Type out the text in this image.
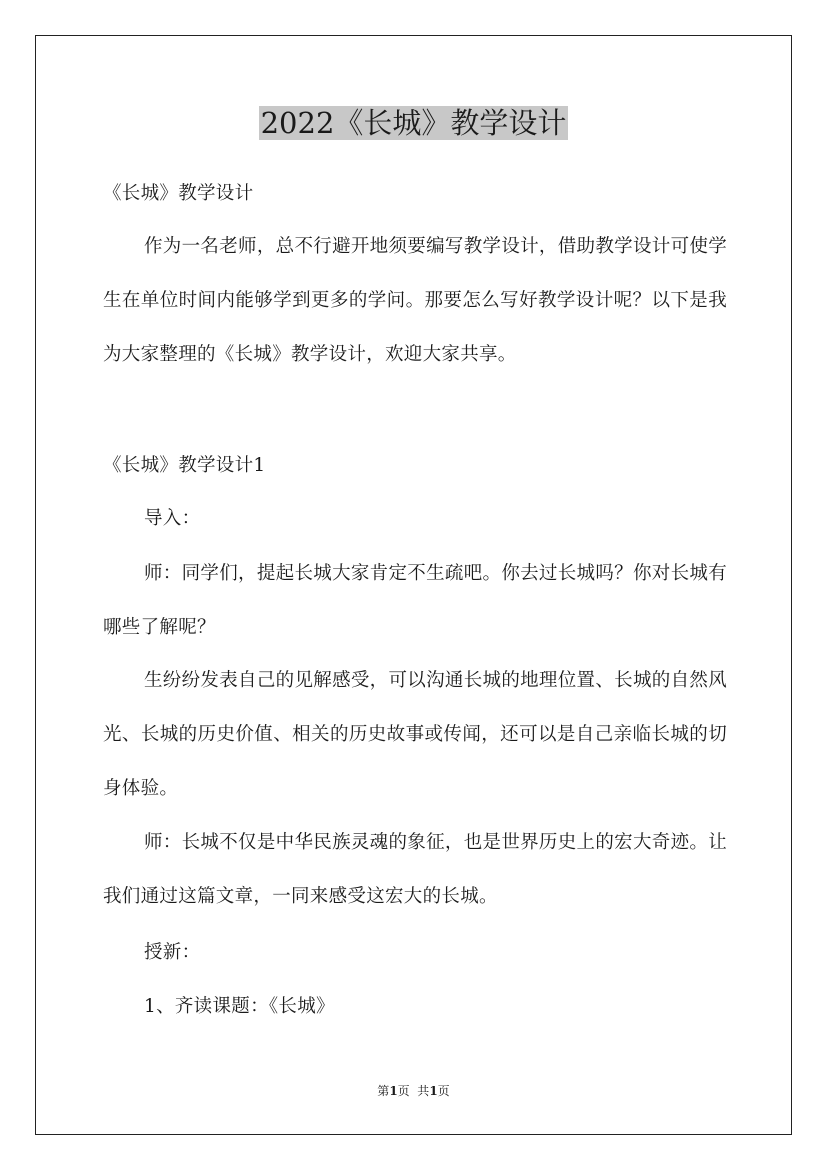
2022《长城》教学设计

《长城》教学设计

作为一名老师，总不行避开地须要编写教学设计，借助教学设计可使学生在单位时间内能够学到更多的学问。那要怎么写好教学设计呢？以下是我为大家整理的《长城》教学设计，欢迎大家共享。

《长城》教学设计1

导入：

师：同学们，提起长城大家肯定不生疏吧。你去过长城吗？你对长城有哪些了解呢？

生纷纷发表自己的见解感受，可以沟通长城的地理位置、长城的自然风光、长城的历史价值、相关的历史故事或传闻，还可以是自己亲临长城的切身体验。

师：长城不仅是中华民族灵魂的象征，也是世界历史上的宏大奇迹。让我们通过这篇文章，一同来感受这宏大的长城。

授新：

1、齐读课题：《长城》

第1页  共1页
